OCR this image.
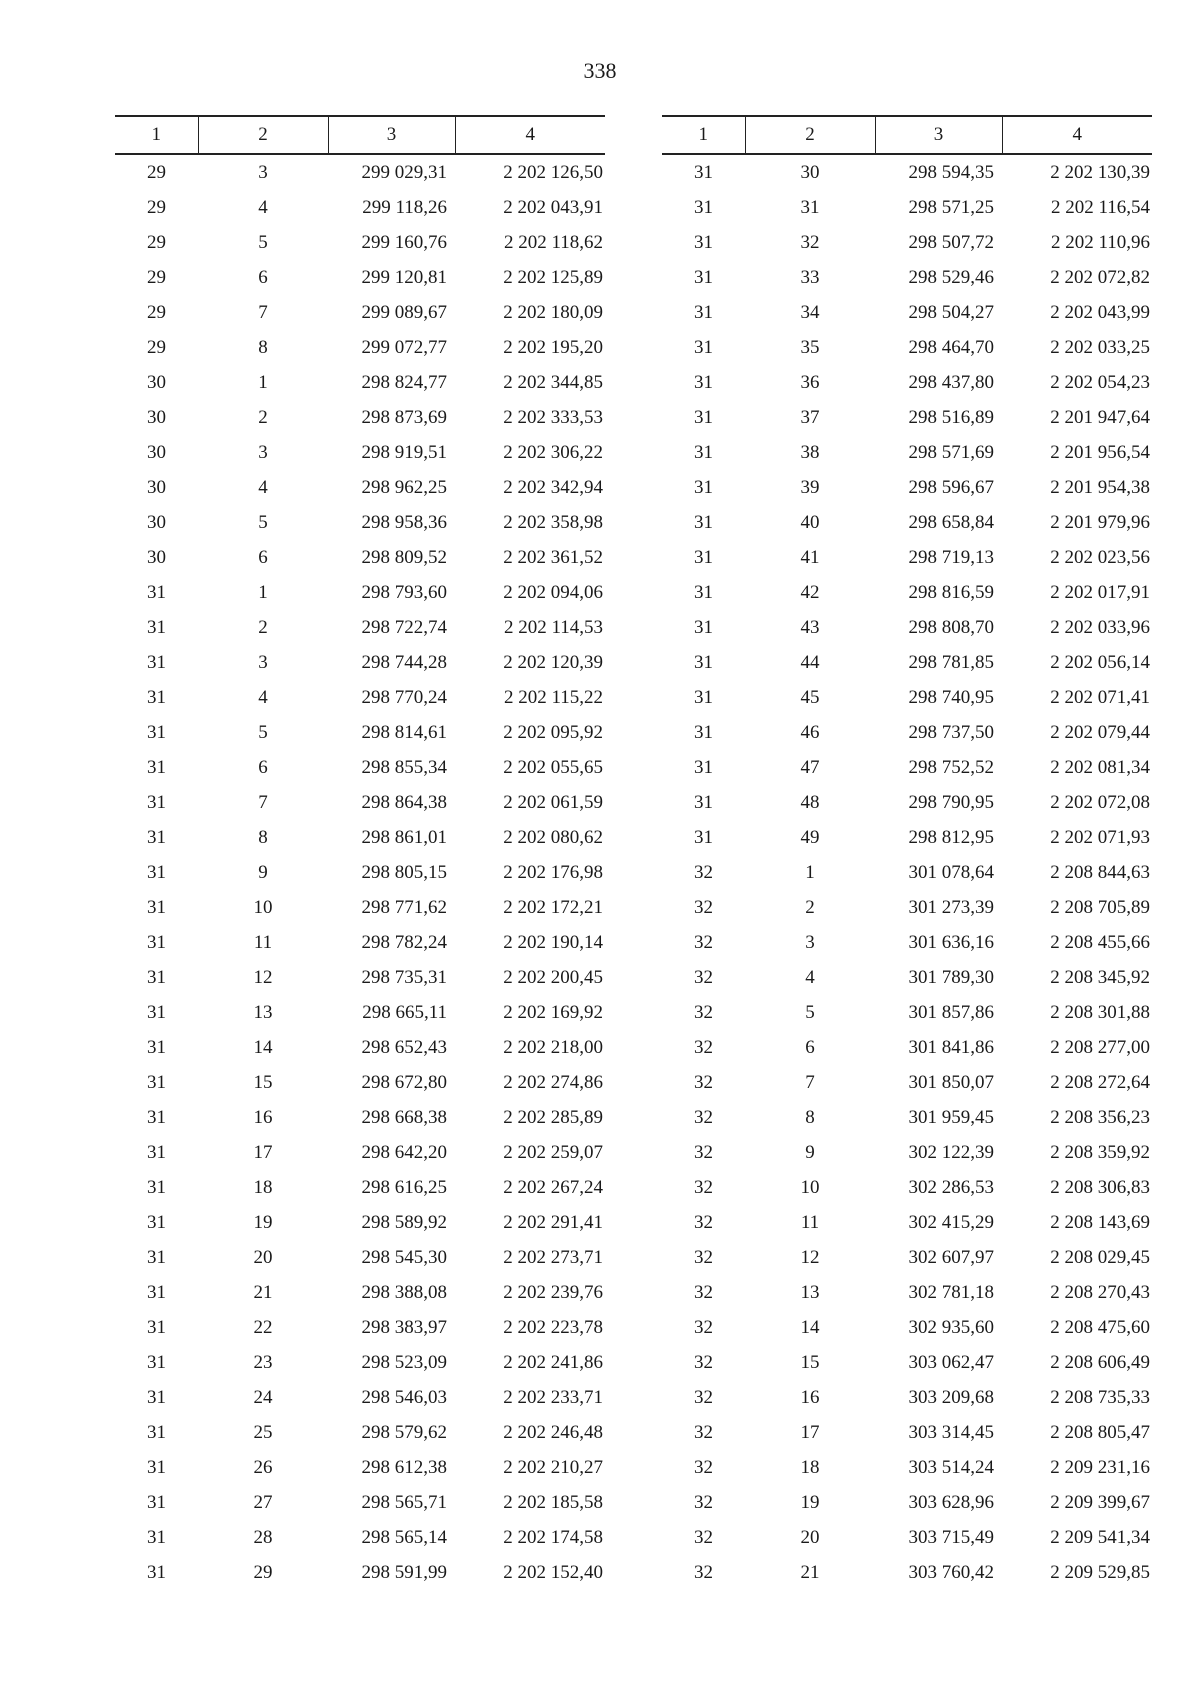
338
1	2	3	4
29	3	299 029,31	2 202 126,50
29	4	299 118,26	2 202 043,91
29	5	299 160,76	2 202 118,62
29	6	299 120,81	2 202 125,89
29	7	299 089,67	2 202 180,09
29	8	299 072,77	2 202 195,20
30	1	298 824,77	2 202 344,85
30	2	298 873,69	2 202 333,53
30	3	298 919,51	2 202 306,22
30	4	298 962,25	2 202 342,94
30	5	298 958,36	2 202 358,98
30	6	298 809,52	2 202 361,52
31	1	298 793,60	2 202 094,06
31	2	298 722,74	2 202 114,53
31	3	298 744,28	2 202 120,39
31	4	298 770,24	2 202 115,22
31	5	298 814,61	2 202 095,92
31	6	298 855,34	2 202 055,65
31	7	298 864,38	2 202 061,59
31	8	298 861,01	2 202 080,62
31	9	298 805,15	2 202 176,98
31	10	298 771,62	2 202 172,21
31	11	298 782,24	2 202 190,14
31	12	298 735,31	2 202 200,45
31	13	298 665,11	2 202 169,92
31	14	298 652,43	2 202 218,00
31	15	298 672,80	2 202 274,86
31	16	298 668,38	2 202 285,89
31	17	298 642,20	2 202 259,07
31	18	298 616,25	2 202 267,24
31	19	298 589,92	2 202 291,41
31	20	298 545,30	2 202 273,71
31	21	298 388,08	2 202 239,76
31	22	298 383,97	2 202 223,78
31	23	298 523,09	2 202 241,86
31	24	298 546,03	2 202 233,71
31	25	298 579,62	2 202 246,48
31	26	298 612,38	2 202 210,27
31	27	298 565,71	2 202 185,58
31	28	298 565,14	2 202 174,58
31	29	298 591,99	2 202 152,40
1	2	3	4
31	30	298 594,35	2 202 130,39
31	31	298 571,25	2 202 116,54
31	32	298 507,72	2 202 110,96
31	33	298 529,46	2 202 072,82
31	34	298 504,27	2 202 043,99
31	35	298 464,70	2 202 033,25
31	36	298 437,80	2 202 054,23
31	37	298 516,89	2 201 947,64
31	38	298 571,69	2 201 956,54
31	39	298 596,67	2 201 954,38
31	40	298 658,84	2 201 979,96
31	41	298 719,13	2 202 023,56
31	42	298 816,59	2 202 017,91
31	43	298 808,70	2 202 033,96
31	44	298 781,85	2 202 056,14
31	45	298 740,95	2 202 071,41
31	46	298 737,50	2 202 079,44
31	47	298 752,52	2 202 081,34
31	48	298 790,95	2 202 072,08
31	49	298 812,95	2 202 071,93
32	1	301 078,64	2 208 844,63
32	2	301 273,39	2 208 705,89
32	3	301 636,16	2 208 455,66
32	4	301 789,30	2 208 345,92
32	5	301 857,86	2 208 301,88
32	6	301 841,86	2 208 277,00
32	7	301 850,07	2 208 272,64
32	8	301 959,45	2 208 356,23
32	9	302 122,39	2 208 359,92
32	10	302 286,53	2 208 306,83
32	11	302 415,29	2 208 143,69
32	12	302 607,97	2 208 029,45
32	13	302 781,18	2 208 270,43
32	14	302 935,60	2 208 475,60
32	15	303 062,47	2 208 606,49
32	16	303 209,68	2 208 735,33
32	17	303 314,45	2 208 805,47
32	18	303 514,24	2 209 231,16
32	19	303 628,96	2 209 399,67
32	20	303 715,49	2 209 541,34
32	21	303 760,42	2 209 529,85
